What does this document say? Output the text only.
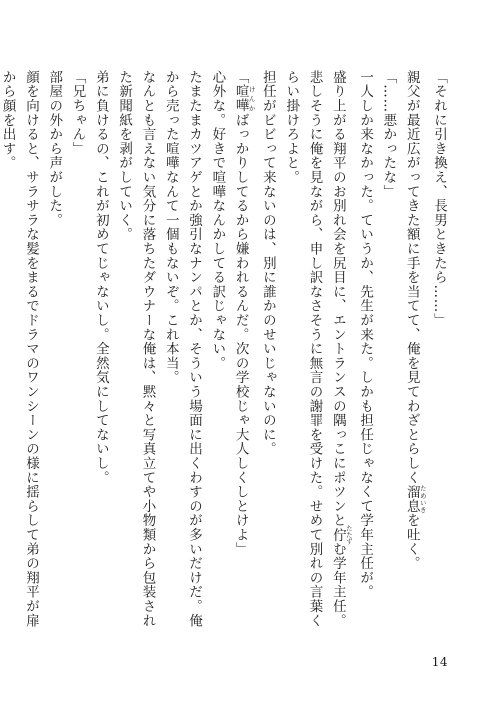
「それに引き換え、長男ときたら……」

親父が最近広がってきた額に手を当てて、俺を見てわざとらしく溜息 ためいきを吐く。

「……悪かったな」

一人しか来なかった。ていうか、先生が来た。しかも担任じゃなくて学年主任が。

盛り上がる翔平のお別れ会を尻目に、エントランスの隅っこにポツンと佇 たたずむ学年主任。悲しそうに俺を見ながら、申し訳なさそうに無言の謝罪を受けた。せめて別れの言葉くらい掛けろよと。

担任がビビって来ないのは、別に誰かのせいじゃないのに。

「喧嘩 けんかばっかりしてるから嫌われるんだ。次の学校じゃ大人しくしとけよ」

心外な。好きで喧嘩なんかしてる訳じゃない。

たまたまカツアゲとか強引なナンパとか、そういう場面に出くわすのが多いだけだ。俺から売った喧嘩なんて一個もないぞ。これ本当。

なんとも言えない気分に落ちたダウナーな俺は、黙々と写真立てや小物類から包装された新聞紙を剥がしていく。

弟に負けるの、これが初めてじゃないし。全然気にしてないし。

「兄ちゃん」

部屋の外から声がした。

顔を向けると、サラサラな髪をまるでドラマのワンシーンの様に揺らして弟の翔平が扉から顔を出す。

14
